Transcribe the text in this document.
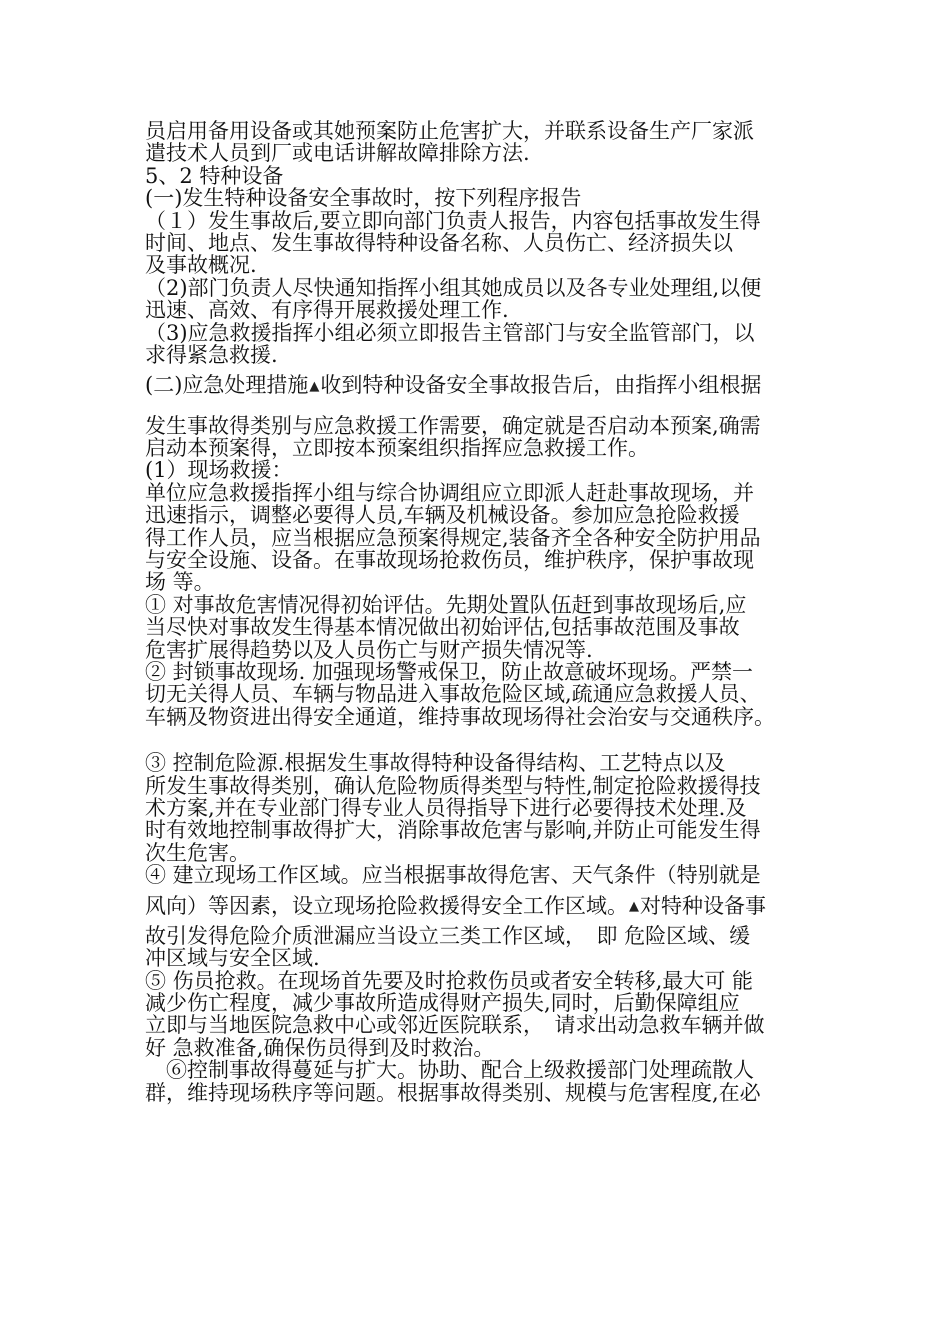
员启用备用设备或其她预案防止危害扩大，并联系设备生产厂家派
遣技术人员到厂或电话讲解故障排除方法.
5、2 特种设备
(一)发生特种设备安全事故时，按下列程序报告
（１）发生事故后,要立即向部门负责人报告，内容包括事故发生得
时间、地点、发生事故得特种设备名称、人员伤亡、经济损失以
及事故概况.
（2)部门负责人尽快通知指挥小组其她成员以及各专业处理组,以便
迅速、高效、有序得开展救援处理工作.
（3)应急救援指挥小组必须立即报告主管部门与安全监管部门，以
求得紧急救援.
(二)应急处理措施▲收到特种设备安全事故报告后，由指挥小组根据
发生事故得类别与应急救援工作需要，确定就是否启动本预案,确需
启动本预案得，立即按本预案组织指挥应急救援工作。
(1）现场救援：
单位应急救援指挥小组与综合协调组应立即派人赶赴事故现场，并
迅速指示，调整必要得人员,车辆及机械设备。参加应急抢险救援
得工作人员，应当根据应急预案得规定,装备齐全各种安全防护用品
与安全设施、设备。在事故现场抢救伤员，维护秩序，保护事故现
场 等。
① 对事故危害情况得初始评估。先期处置队伍赶到事故现场后,应
当尽快对事故发生得基本情况做出初始评估,包括事故范围及事故
危害扩展得趋势以及人员伤亡与财产损失情况等.
② 封锁事故现场. 加强现场警戒保卫，防止故意破坏现场。严禁一
切无关得人员、车辆与物品进入事故危险区域,疏通应急救援人员、
车辆及物资进出得安全通道，维持事故现场得社会治安与交通秩序。
③ 控制危险源.根据发生事故得特种设备得结构、工艺特点以及
所发生事故得类别，确认危险物质得类型与特性,制定抢险救援得技
术方案,并在专业部门得专业人员得指导下进行必要得技术处理.及
时有效地控制事故得扩大，消除事故危害与影响,并防止可能发生得
次生危害。
④ 建立现场工作区域。应当根据事故得危害、天气条件（特别就是
风向）等因素，设立现场抢险救援得安全工作区域。▲对特种设备事
故引发得危险介质泄漏应当设立三类工作区域，　即 危险区域、缓
冲区域与安全区域.
⑤ 伤员抢救。在现场首先要及时抢救伤员或者安全转移,最大可 能
减少伤亡程度，减少事故所造成得财产损失,同时，后勤保障组应
立即与当地医院急救中心或邻近医院联系，　请求出动急救车辆并做
好 急救准备,确保伤员得到及时救治。
　⑥控制事故得蔓延与扩大。协助、配合上级救援部门处理疏散人
群，维持现场秩序等问题。根据事故得类别、规模与危害程度,在必
